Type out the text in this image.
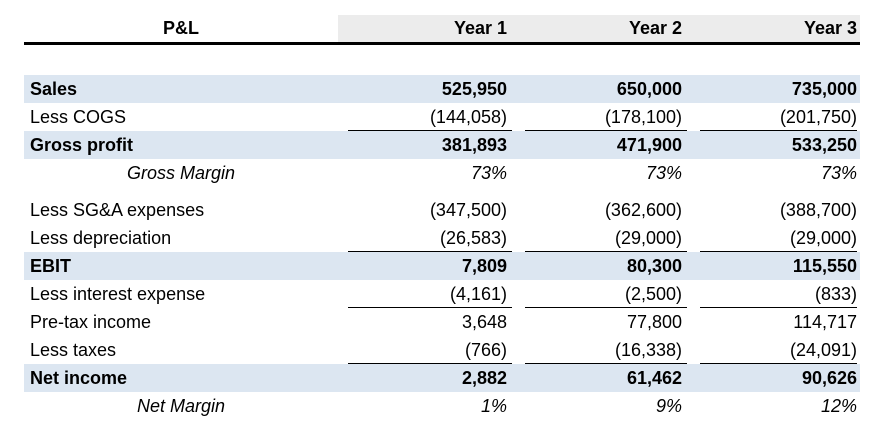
P&L	Year 1	Year 2	Year 3

Sales	525,950	650,000	735,000
Less COGS	(144,058)	(178,100)	(201,750)
Gross profit	381,893	471,900	533,250
Gross Margin	73%	73%	73%

Less SG&A expenses	(347,500)	(362,600)	(388,700)
Less depreciation	(26,583)	(29,000)	(29,000)
EBIT	7,809	80,300	115,550
Less interest expense	(4,161)	(2,500)	(833)
Pre-tax income	3,648	77,800	114,717
Less taxes	(766)	(16,338)	(24,091)
Net income	2,882	61,462	90,626
Net Margin	1%	9%	12%
